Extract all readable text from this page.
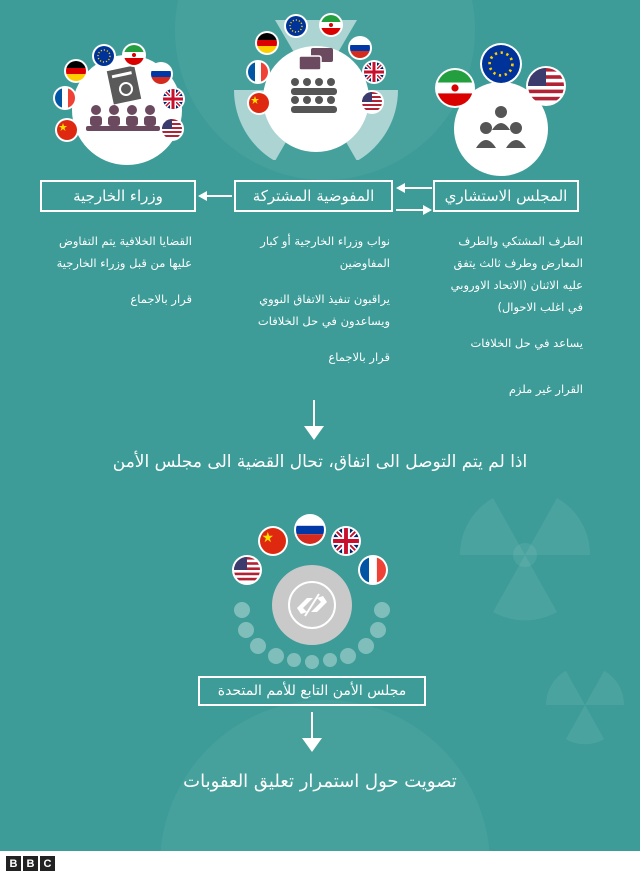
وزراء الخارجية	المفوضية المشتركة	المجلس الاستشاري

القضايا الخلافية يتم التفاوض عليها من قبل وزراء الخارجية

قرار بالاجماع

نواب وزراء الخارجية أو كبار المفاوضين

يراقبون تنفيذ الاتفاق النووي ويساعدون في حل الخلافات

قرار بالاجماع

الطرف المشتكي والطرف المعارض وطرف ثالث يتفق عليه الاثنان (الاتحاد الاوروبي في اغلب الاحوال)

يساعد في حل الخلافات

القرار غير ملزم

اذا لم يتم التوصل الى اتفاق، تحال القضية الى مجلس الأمن
مجلس الأمن التابع للأمم المتحدة
تصويت حول استمرار تعليق العقوبات
B B C
